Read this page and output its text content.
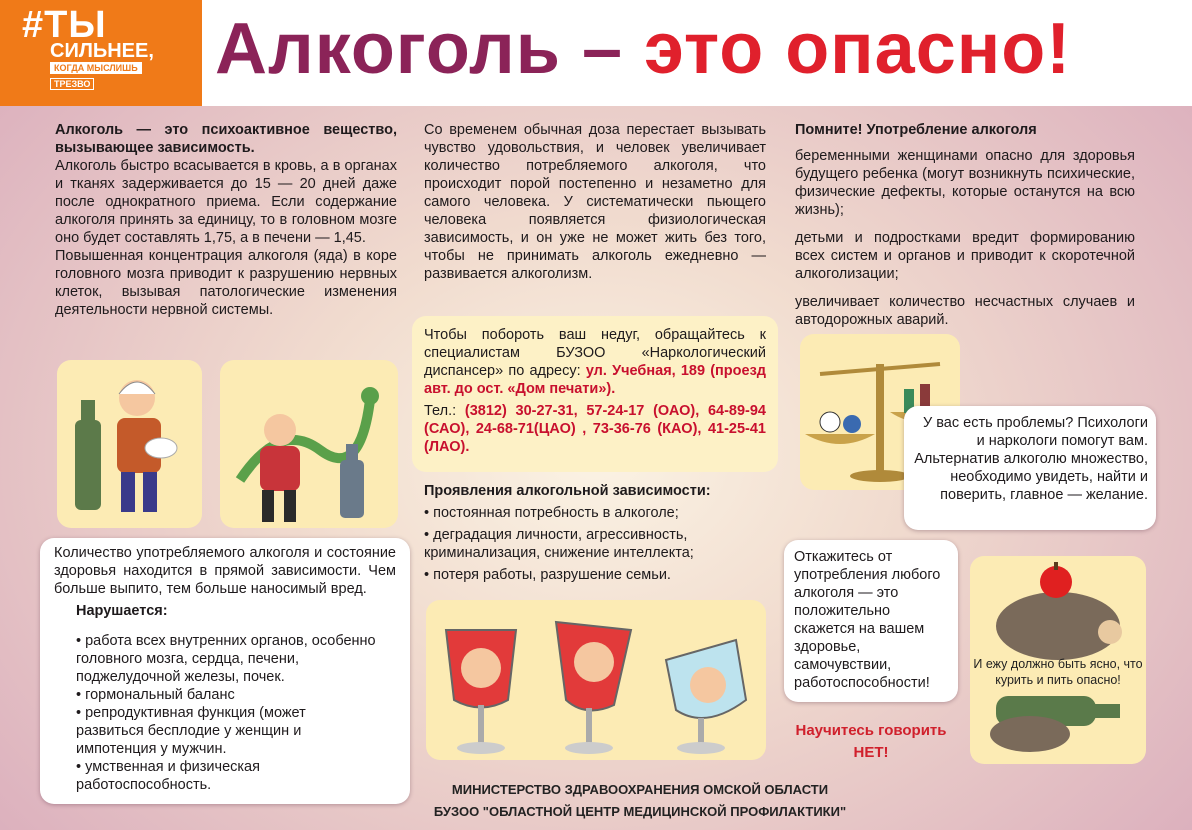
#ТЫ
СИЛЬНЕЕ,
КОГДА МЫСЛИШЬ
ТРЕЗВО Алкоголь – это опасно!

Алкоголь — это психоактивное вещество, вызывающее зависимость.

Алкоголь быстро всасывается в кровь, а в органах и тканях задерживается до 15 — 20 дней даже после однократного приема. Если содержание алкоголя принять за единицу, то в головном мозге оно будет составлять 1,75, а в печени — 1,45.

Повышенная концентрация алкоголя (яда) в коре головного мозга приводит к разрушению нервных клеток, вызывая патологические изменения деятельности нервной системы.

Количество употребляемого алкоголя и состояние здоровья находится в прямой зависимости. Чем больше выпито, тем больше наносимый вред.

Нарушается:

• работа всех внутренних органов, особенно головного мозга, сердца, печени, поджелудочной железы, почек.

• гормональный баланс

• репродуктивная функция (может развиться бесплодие у женщин и импотенция у мужчин.

• умственная и физическая работоспособность.

Со временем обычная доза перестает вызывать чувство удовольствия, и человек увеличивает количество потребляемого алкоголя, что происходит порой постепенно и незаметно для самого человека. У систематически пьющего человека появляется физиологическая зависимость, и он уже не может жить без того, чтобы не принимать алкоголь ежедневно — развивается алкоголизм.

Чтобы побороть ваш недуг, обращайтесь к специалистам БУЗОО «Наркологический диспансер» по адресу: ул. Учебная, 189 (проезд авт. до ост. «Дом печати»).

Тел.: (3812) 30-27-31, 57-24-17 (ОАО), 64-89-94 (САО), 24-68-71(ЦАО) , 73-36-76 (КАО), 41-25-41 (ЛАО).

Проявления алкогольной зависимости:

• постоянная потребность в алкоголе;

• деградация личности, агрессивность, криминализация, снижение интеллекта;

• потеря работы, разрушение семьи.

Помните! Употребление алкоголя

беременными женщинами опасно для здоровья будущего ребенка (могут возникнуть психические, физические дефекты, которые останутся на всю жизнь);

детьми и подростками вредит формированию всех систем и органов и приводит к скоротечной алкоголизации;

увеличивает количество несчастных случаев и автодорожных аварий.

У вас есть проблемы? Психологи и наркологи помогут вам. Альтернатив алкоголю множество, необходимо увидеть, найти и поверить, главное — желание.

Откажитесь от употребления любого алкоголя — это положительно скажется на вашем здоровье, самочувствии, работоспособности!

Научитесь говорить
НЕТ!
И ежу должно быть ясно, что курить и пить опасно!
МИНИСТЕРСТВО ЗДРАВООХРАНЕНИЯ ОМСКОЙ ОБЛАСТИ
БУЗОО "ОБЛАСТНОЙ ЦЕНТР МЕДИЦИНСКОЙ ПРОФИЛАКТИКИ"
